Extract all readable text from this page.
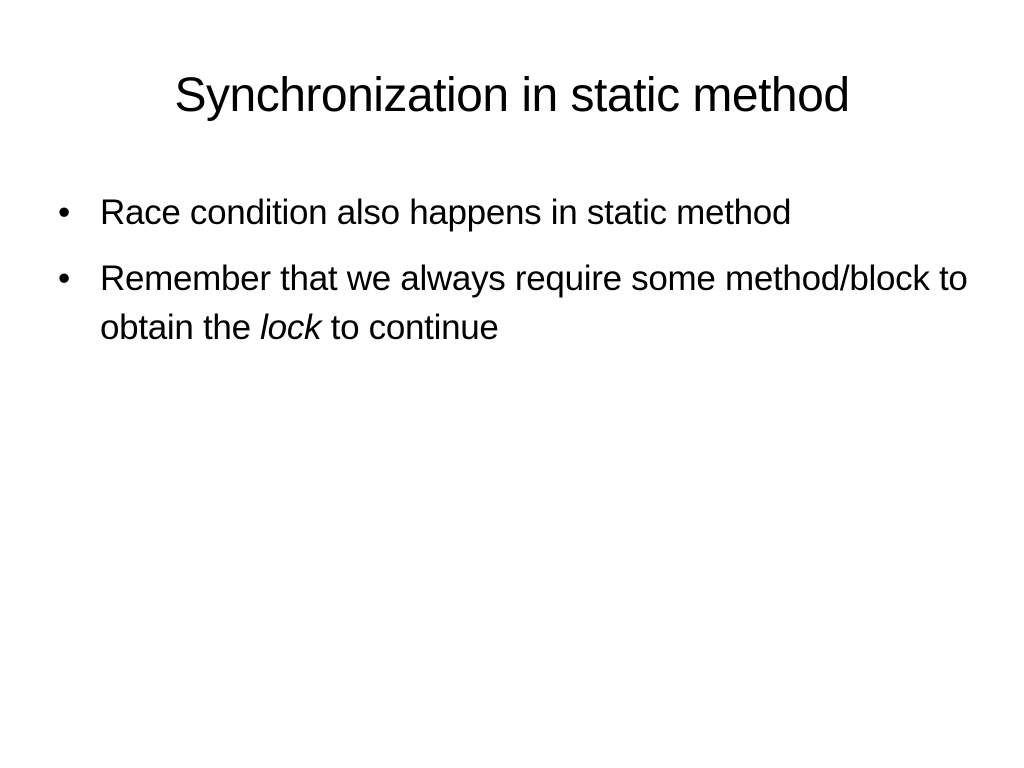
Synchronization in static method
• Race condition also happens in static method
• Remember that we always require some method/block to obtain the lock to continue
